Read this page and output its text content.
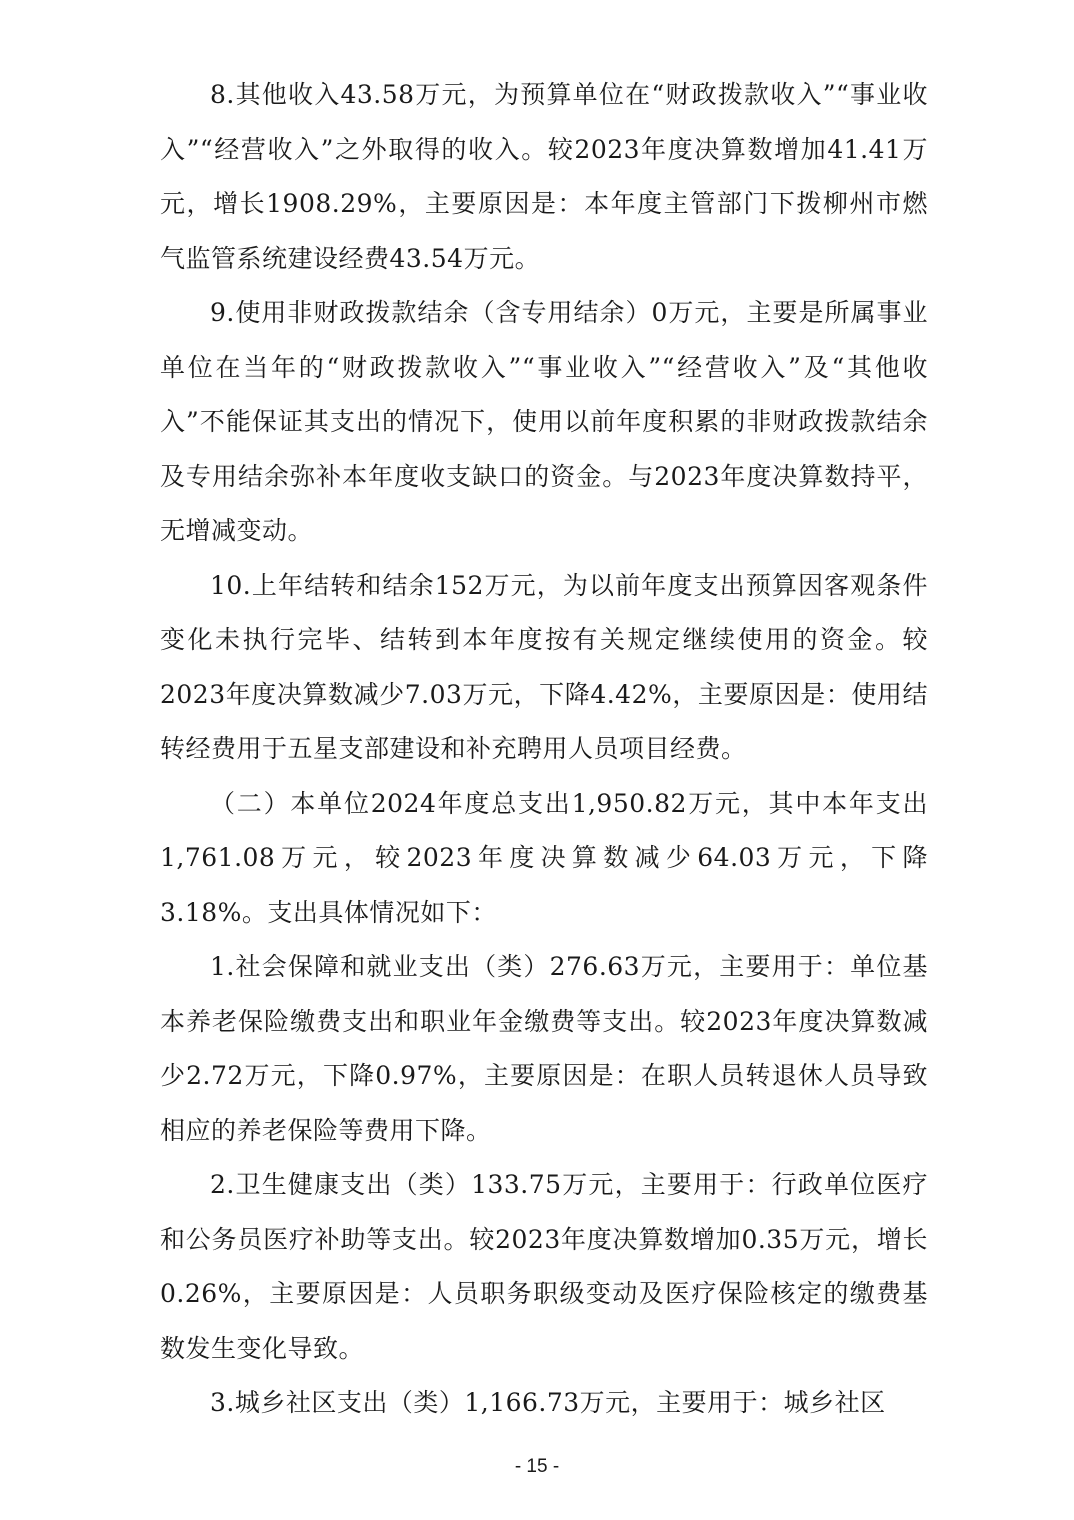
8.其他收入43.58万元，为预算单位在“财政拨款收入”“事业收入”“经营收入”之外取得的收入。较2023年度决算数增加41.41万元，增长1908.29%，主要原因是：本年度主管部门下拨柳州市燃气监管系统建设经费43.54万元。

9.使用非财政拨款结余（含专用结余）0万元，主要是所属事业单位在当年的“财政拨款收入”“事业收入”“经营收入”及“其他收入”不能保证其支出的情况下，使用以前年度积累的非财政拨款结余及专用结余弥补本年度收支缺口的资金。与2023年度决算数持平，无增减变动。

10.上年结转和结余152万元，为以前年度支出预算因客观条件变化未执行完毕、结转到本年度按有关规定继续使用的资金。较2023年度决算数减少7.03万元，下降4.42%，主要原因是：使用结转经费用于五星支部建设和补充聘用人员项目经费。

（二）本单位2024年度总支出1,950.82万元，其中本年支出1,761.08万元，较2023年度决算数减少64.03万元，下降3.18%。支出具体情况如下：

1.社会保障和就业支出（类）276.63万元，主要用于：单位基本养老保险缴费支出和职业年金缴费等支出。较2023年度决算数减少2.72万元，下降0.97%，主要原因是：在职人员转退休人员导致相应的养老保险等费用下降。

2.卫生健康支出（类）133.75万元，主要用于：行政单位医疗和公务员医疗补助等支出。较2023年度决算数增加0.35万元，增长0.26%，主要原因是：人员职务职级变动及医疗保险核定的缴费基数发生变化导致。

3.城乡社区支出（类）1,166.73万元，主要用于：城乡社区

- 15 -
